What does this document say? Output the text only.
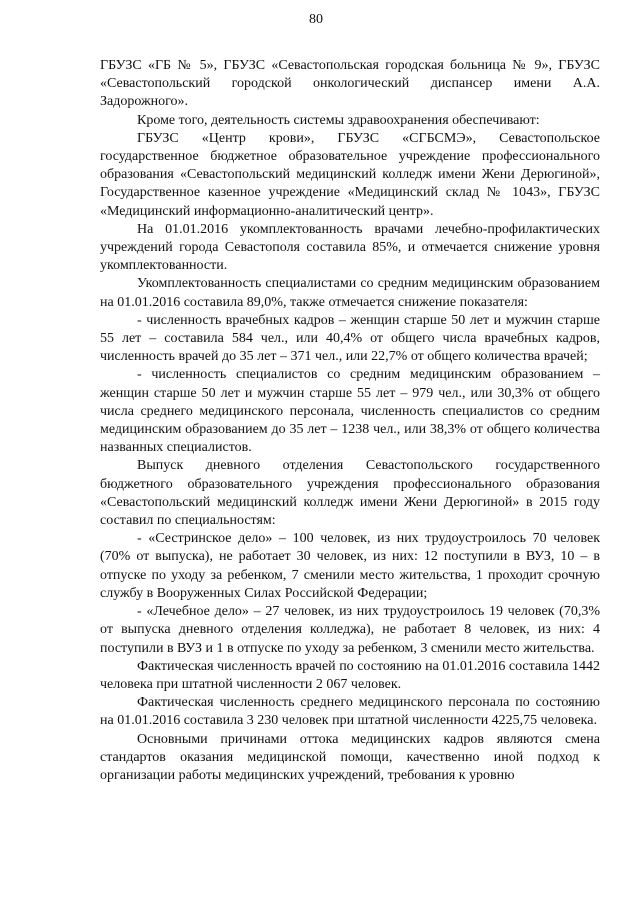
80

ГБУЗС «ГБ № 5», ГБУЗС «Севастопольская городская больница № 9», ГБУЗС «Севастопольский городской онкологический диспансер имени А.А. Задорожного».

Кроме того, деятельность системы здравоохранения обеспечивают:

ГБУЗС «Центр крови», ГБУЗС «СГБСМЭ», Севастопольское государственное бюджетное образовательное учреждение профессионального образования «Севастопольский медицинский колледж имени Жени Дерюгиной», Государственное казенное учреждение «Медицинский склад № 1043», ГБУЗС «Медицинский информационно-аналитический центр».

На 01.01.2016 укомплектованность врачами лечебно-профилактических учреждений города Севастополя составила 85%, и отмечается снижение уровня укомплектованности.

Укомплектованность специалистами со средним медицинским образованием на 01.01.2016 составила 89,0%, также отмечается снижение показателя:

- численность врачебных кадров – женщин старше 50 лет и мужчин старше 55 лет – составила 584 чел., или 40,4% от общего числа врачебных кадров, численность врачей до 35 лет – 371 чел., или 22,7% от общего количества врачей;

- численность специалистов со средним медицинским образованием – женщин старше 50 лет и мужчин старше 55 лет – 979 чел., или 30,3% от общего числа среднего медицинского персонала, численность специалистов со средним медицинским образованием до 35 лет – 1238 чел., или 38,3% от общего количества названных специалистов.

Выпуск дневного отделения Севастопольского государственного бюджетного образовательного учреждения профессионального образования «Севастопольский медицинский колледж имени Жени Дерюгиной» в 2015 году составил по специальностям:

- «Сестринское дело» – 100 человек, из них трудоустроилось 70 человек (70% от выпуска), не работает 30 человек, из них: 12 поступили в ВУЗ, 10 – в отпуске по уходу за ребенком, 7 сменили место жительства, 1 проходит срочную службу в Вооруженных Силах Российской Федерации;

- «Лечебное дело» – 27 человек, из них трудоустроилось 19 человек (70,3% от выпуска дневного отделения колледжа), не работает 8 человек, из них: 4 поступили в ВУЗ и 1 в отпуске по уходу за ребенком, 3 сменили место жительства.

Фактическая численность врачей по состоянию на 01.01.2016 составила 1442 человека при штатной численности 2 067 человек.

Фактическая численность среднего медицинского персонала по состоянию на 01.01.2016 составила 3 230 человек при штатной численности 4225,75 человека.

Основными причинами оттока медицинских кадров являются смена стандартов оказания медицинской помощи, качественно иной подход к организации работы медицинских учреждений, требования к уровню
